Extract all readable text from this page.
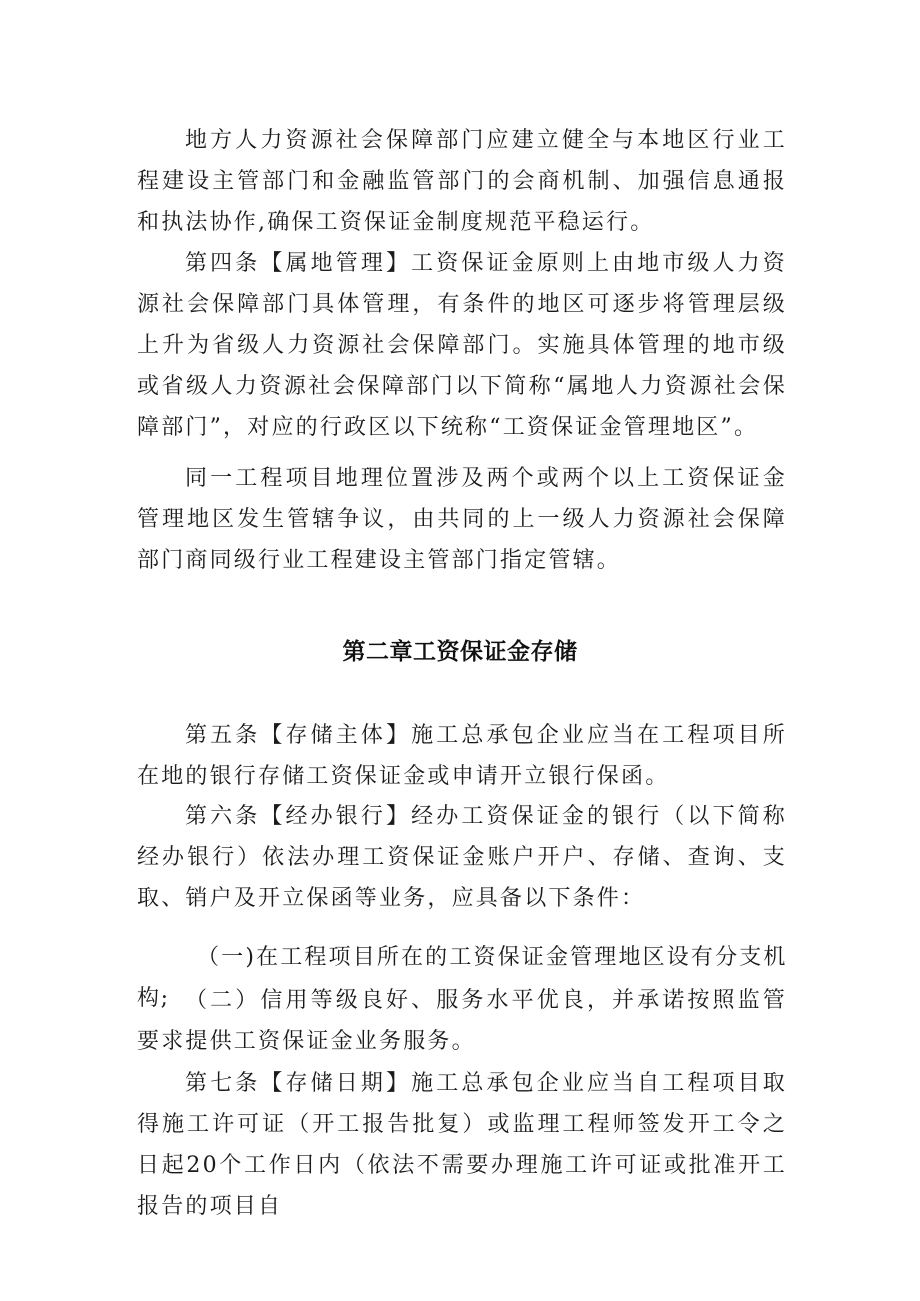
地方人力资源社会保障部门应建立健全与本地区行业工程建设主管部门和金融监管部门的会商机制、加强信息通报和执法协作,确保工资保证金制度规范平稳运行。

第四条【属地管理】工资保证金原则上由地市级人力资源社会保障部门具体管理，有条件的地区可逐步将管理层级上升为省级人力资源社会保障部门。实施具体管理的地市级或省级人力资源社会保障部门以下简称“属地人力资源社会保障部门”，对应的行政区以下统称“工资保证金管理地区”。

同一工程项目地理位置涉及两个或两个以上工资保证金管理地区发生管辖争议，由共同的上一级人力资源社会保障部门商同级行业工程建设主管部门指定管辖。

第二章工资保证金存储

第五条【存储主体】施工总承包企业应当在工程项目所在地的银行存储工资保证金或申请开立银行保函。

第六条【经办银行】经办工资保证金的银行（以下简称经办银行）依法办理工资保证金账户开户、存储、查询、支取、销户及开立保函等业务，应具备以下条件：

（一)在工程项目所在的工资保证金管理地区设有分支机构; （二）信用等级良好、服务水平优良，并承诺按照监管要求提供工资保证金业务服务。

第七条【存储日期】施工总承包企业应当自工程项目取得施工许可证（开工报告批复）或监理工程师签发开工令之日起20个工作日内（依法不需要办理施工许可证或批准开工报告的项目自
